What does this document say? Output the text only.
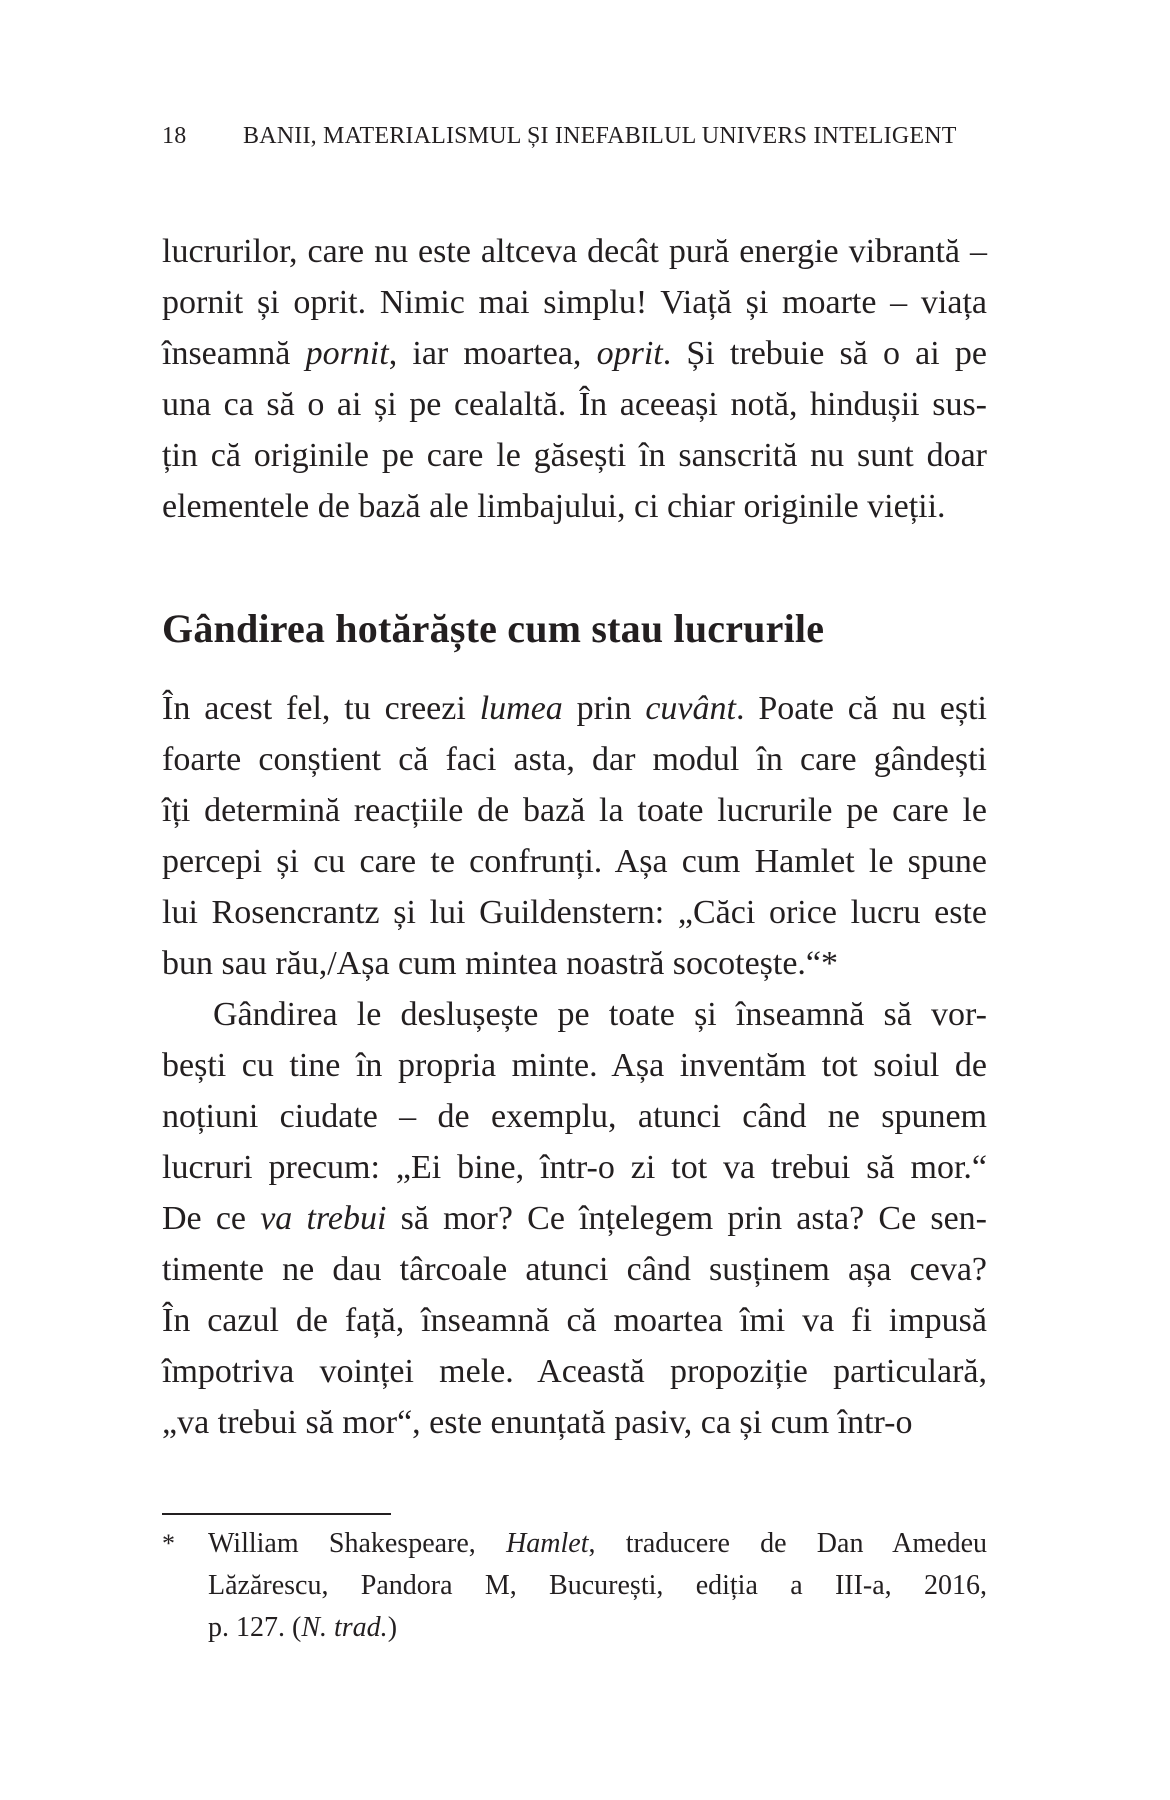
18 BANII, MATERIALISMUL ȘI INEFABILUL UNIVERS INTELIGENT
lucrurilor, care nu este altceva decât pură energie vibrantă –
pornit și oprit. Nimic mai simplu! Viață și moarte – viața
înseamnă pornit, iar moartea, oprit. Și trebuie să o ai pe
una ca să o ai și pe cealaltă. În aceeași notă, hindușii sus-
țin că originile pe care le găsești în sanscrită nu sunt doar
elementele de bază ale limbajului, ci chiar originile vieții.
Gândirea hotărăște cum stau lucrurile
În acest fel, tu creezi lumea prin cuvânt. Poate că nu ești
foarte conștient că faci asta, dar modul în care gândești
îți determină reacțiile de bază la toate lucrurile pe care le
percepi și cu care te confrunți. Așa cum Hamlet le spune
lui Rosencrantz și lui Guildenstern: „Căci orice lucru este
bun sau rău,/Așa cum mintea noastră socotește.“*
Gândirea le deslușește pe toate și înseamnă să vor-
bești cu tine în propria minte. Așa inventăm tot soiul de
noțiuni ciudate – de exemplu, atunci când ne spunem
lucruri precum: „Ei bine, într-o zi tot va trebui să mor.“
De ce va trebui să mor? Ce înțelegem prin asta? Ce sen-
timente ne dau târcoale atunci când susținem așa ceva?
În cazul de față, înseamnă că moartea îmi va fi impusă
împotriva voinței mele. Această propoziție particulară,
„va trebui să mor“, este enunțată pasiv, ca și cum într-o
* William Shakespeare, Hamlet, traducere de Dan Amedeu
Lăzărescu, Pandora M, București, ediția a III-a, 2016,
p. 127. (N. trad.)
